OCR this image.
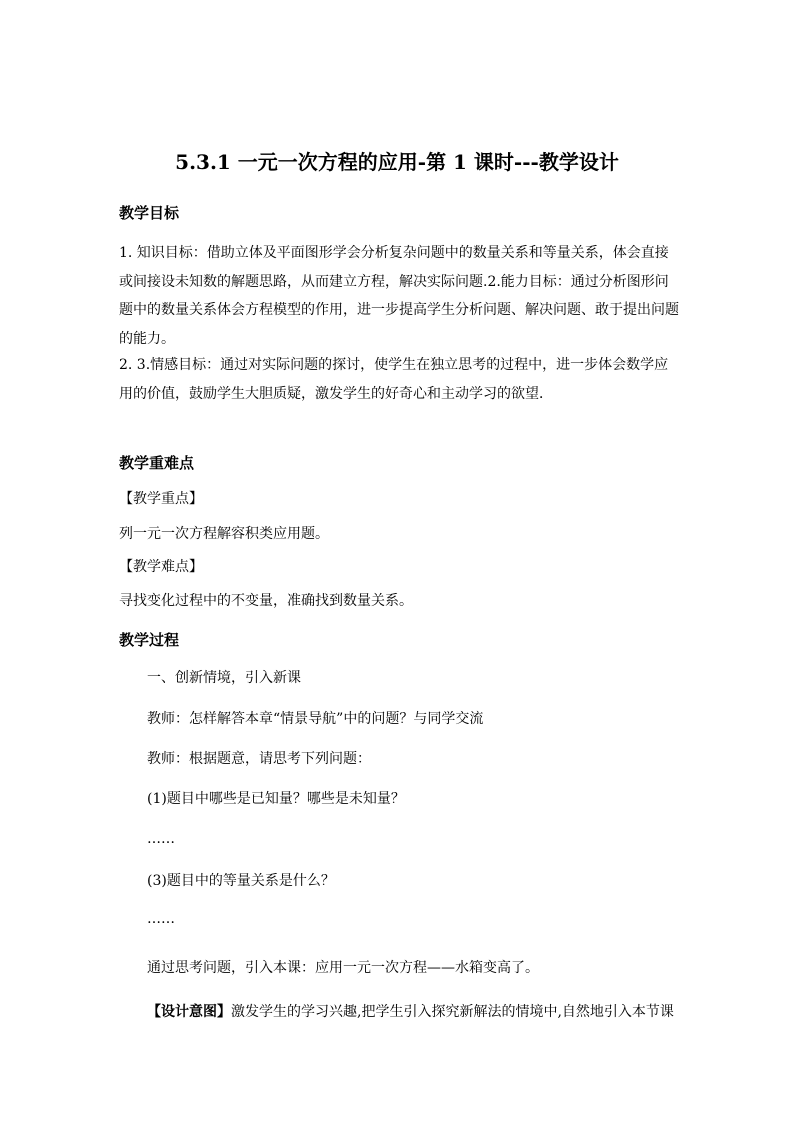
5.3.1 一元一次方程的应用-第 1 课时---教学设计
教学目标
1. 知识目标：借助立体及平面图形学会分析复杂问题中的数量关系和等量关系，体会直接或间接设未知数的解题思路，从而建立方程，解决实际问题.2.能力目标：通过分析图形问题中的数量关系体会方程模型的作用，进一步提高学生分析问题、解决问题、敢于提出问题的能力。
2. 3.情感目标：通过对实际问题的探讨，使学生在独立思考的过程中，进一步体会数学应用的价值，鼓励学生大胆质疑，激发学生的好奇心和主动学习的欲望．
教学重难点
【教学重点】
列一元一次方程解容积类应用题。
【教学难点】
寻找变化过程中的不变量，准确找到数量关系。
教学过程
一、创新情境，引入新课
教师：怎样解答本章“情景导航”中的问题？与同学交流
教师：根据题意，请思考下列问题：
(1)题目中哪些是已知量？哪些是未知量？
……
(3)题目中的等量关系是什么？
……
通过思考问题，引入本课：应用一元一次方程——水箱变高了。
【设计意图】激发学生的学习兴趣,把学生引入探究新解法的情境中,自然地引入本节课
